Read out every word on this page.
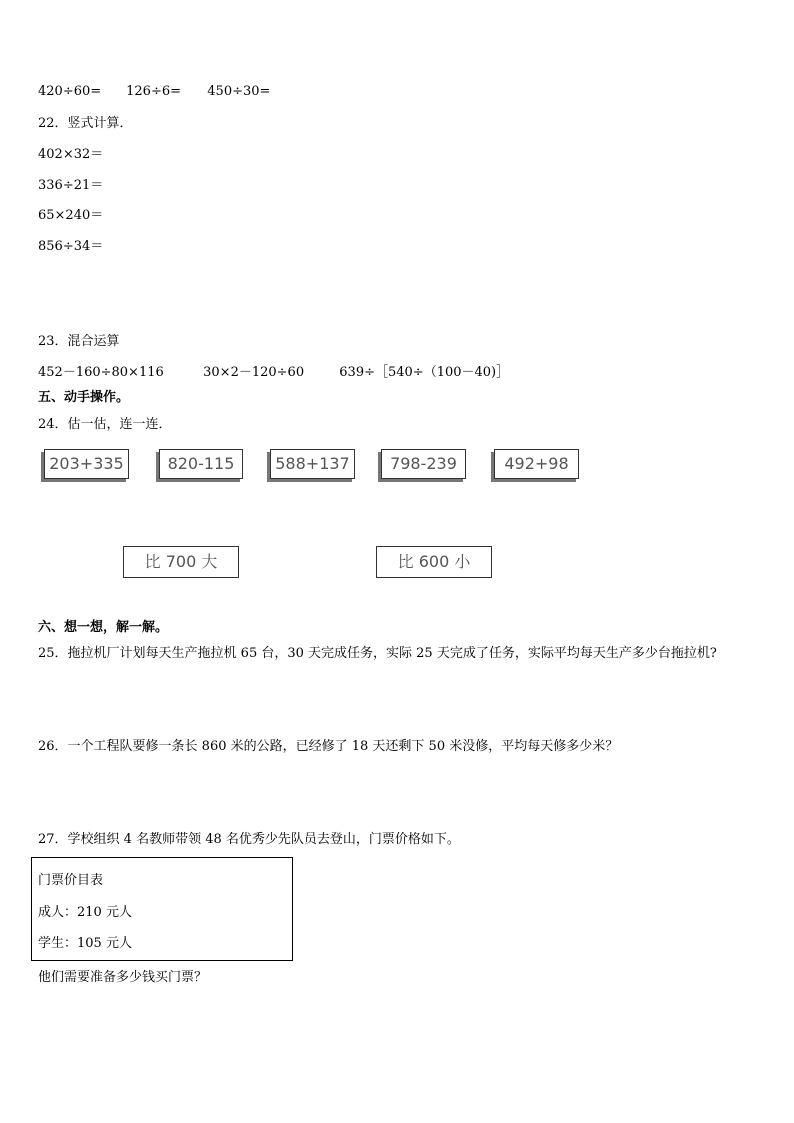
420÷60= 126÷6= 450÷30=
22．竖式计算．
402×32＝
336÷21＝
65×240＝
856÷34＝
23．混合运算
452－160÷80×116	30×2－120÷60	639÷［540÷（100－40)］
五、动手操作。
24．估一估，连一连．
203+335	820-115	588+137	798-239	492+98
比 700 大	比 600 小
六、想一想，解一解。
25．拖拉机厂计划每天生产拖拉机 65 台，30 天完成任务，实际 25 天完成了任务，实际平均每天生产多少台拖拉机?
26．一个工程队要修一条长 860 米的公路，已经修了 18 天还剩下 50 米没修，平均每天修多少米？
27．学校组织 4 名教师带领 48 名优秀少先队员去登山，门票价格如下。
门票价目表
成人：210 元人
学生：105 元人
他们需要准备多少钱买门票？
